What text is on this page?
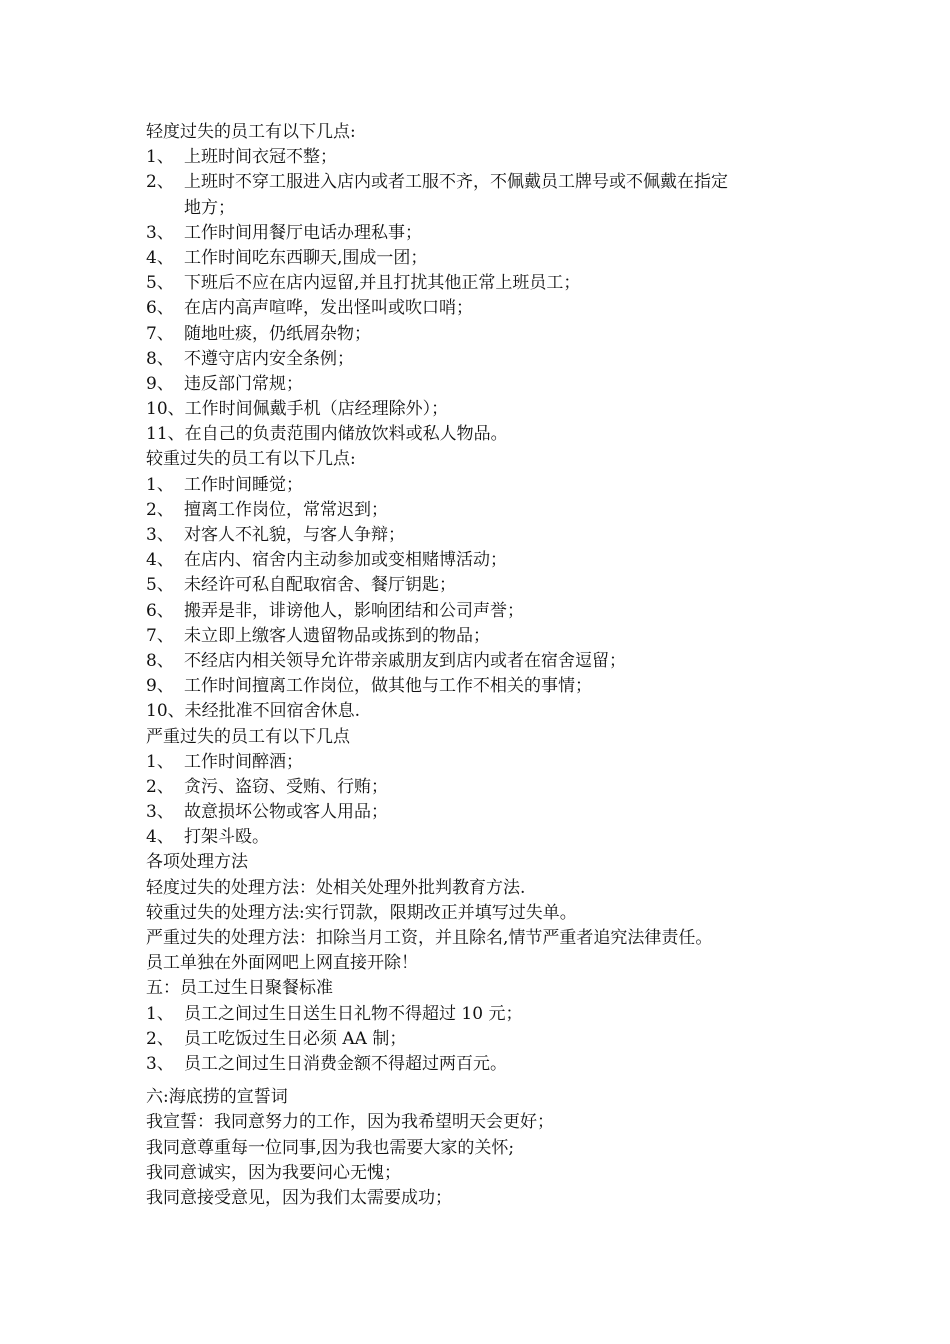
轻度过失的员工有以下几点:
1、 上班时间衣冠不整；
2、 上班时不穿工服进入店内或者工服不齐，不佩戴员工牌号或不佩戴在指定
地方；
3、 工作时间用餐厅电话办理私事；
4、 工作时间吃东西聊天,围成一团；
5、 下班后不应在店内逗留,并且打扰其他正常上班员工；
6、 在店内高声喧哗，发出怪叫或吹口哨；
7、 随地吐痰，仍纸屑杂物；
8、 不遵守店内安全条例；
9、 违反部门常规；
10、工作时间佩戴手机（店经理除外）；
11、在自己的负责范围内储放饮料或私人物品。
较重过失的员工有以下几点:
1、 工作时间睡觉；
2、 擅离工作岗位，常常迟到；
3、 对客人不礼貌，与客人争辩；
4、 在店内、宿舍内主动参加或变相赌博活动；
5、 未经许可私自配取宿舍、餐厅钥匙；
6、 搬弄是非，诽谤他人，影响团结和公司声誉；
7、 未立即上缴客人遗留物品或拣到的物品；
8、 不经店内相关领导允许带亲戚朋友到店内或者在宿舍逗留；
9、 工作时间擅离工作岗位，做其他与工作不相关的事情；
10、未经批准不回宿舍休息.
严重过失的员工有以下几点
1、 工作时间醉酒；
2、 贪污、盗窃、受贿、行贿；
3、 故意损坏公物或客人用品；
4、 打架斗殴。
各项处理方法
轻度过失的处理方法：处相关处理外批判教育方法.
较重过失的处理方法:实行罚款，限期改正并填写过失单。
严重过失的处理方法：扣除当月工资，并且除名,情节严重者追究法律责任。
员工单独在外面网吧上网直接开除！
五：员工过生日聚餐标准
1、 员工之间过生日送生日礼物不得超过 10 元；
2、 员工吃饭过生日必须 AA 制；
3、 员工之间过生日消费金额不得超过两百元。
六:海底捞的宣誓词
我宣誓：我同意努力的工作，因为我希望明天会更好；
我同意尊重每一位同事,因为我也需要大家的关怀;
我同意诚实，因为我要问心无愧；
我同意接受意见，因为我们太需要成功；
